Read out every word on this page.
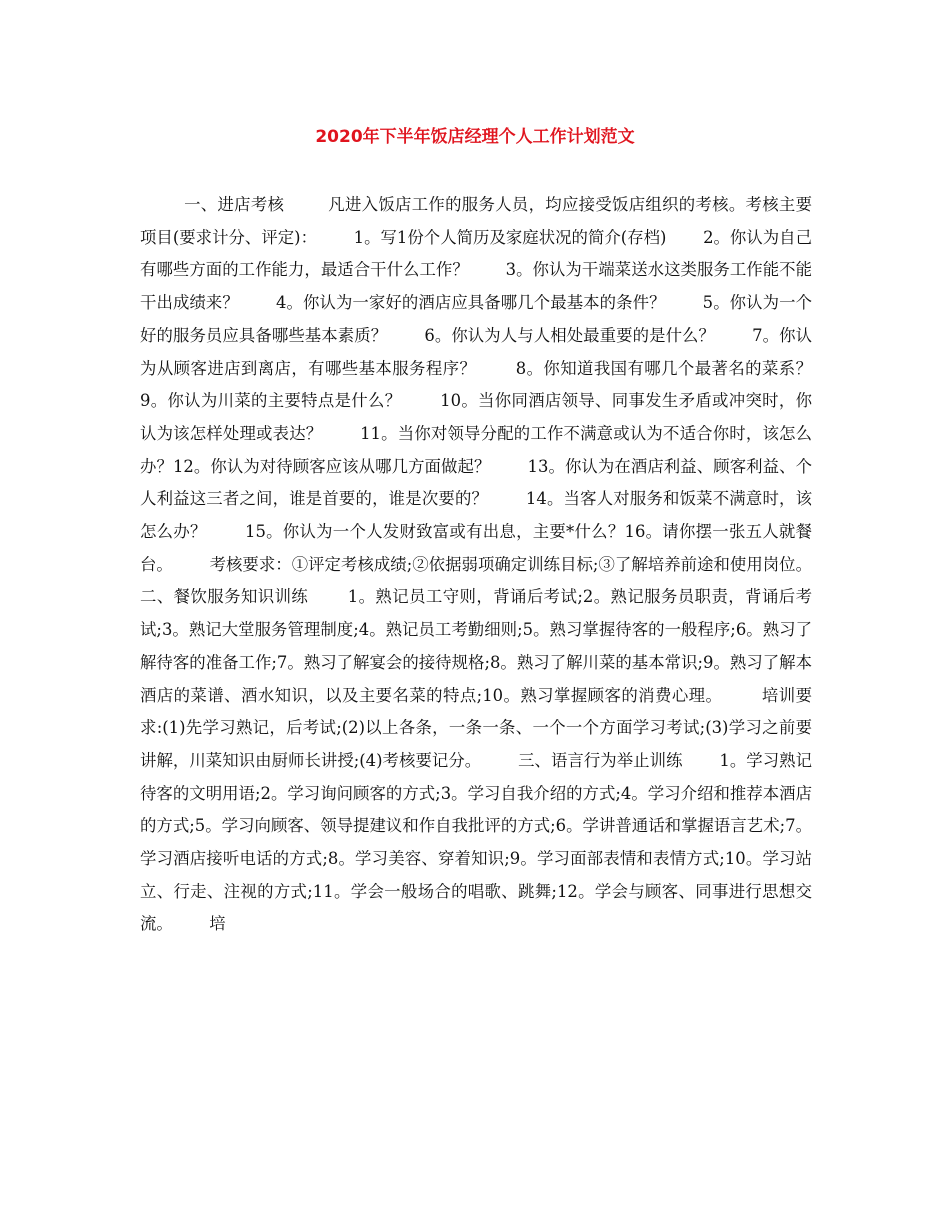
2020年下半年饭店经理个人工作计划范文

一、进店考核        凡进入饭店工作的服务人员，均应接受饭店组织的考核。考核主要项目(要求计分、评定)：       1。写1份个人简历及家庭状况的简介(存档)       2。你认为自己有哪些方面的工作能力，最适合干什么工作？       3。你认为干端菜送水这类服务工作能不能干出成绩来？       4。你认为一家好的酒店应具备哪几个最基本的条件？       5。你认为一个好的服务员应具备哪些基本素质？       6。你认为人与人相处最重要的是什么？       7。你认为从顾客进店到离店，有哪些基本服务程序？       8。你知道我国有哪几个最著名的菜系？       9。你认为川菜的主要特点是什么？       10。当你同酒店领导、同事发生矛盾或冲突时，你认为该怎样处理或表达？       11。当你对领导分配的工作不满意或认为不适合你时，该怎么办？12。你认为对待顾客应该从哪几方面做起？       13。你认为在酒店利益、顾客利益、个人利益这三者之间，谁是首要的，谁是次要的？       14。当客人对服务和饭菜不满意时，该怎么办？       15。你认为一个人发财致富或有出息，主要*什么？16。请你摆一张五人就餐台。       考核要求：①评定考核成绩;②依据弱项确定训练目标;③了解培养前途和使用岗位。       二、餐饮服务知识训练       1。熟记员工守则，背诵后考试;2。熟记服务员职责，背诵后考试;3。熟记大堂服务管理制度;4。熟记员工考勤细则;5。熟习掌握待客的一般程序;6。熟习了解待客的准备工作;7。熟习了解宴会的接待规格;8。熟习了解川菜的基本常识;9。熟习了解本酒店的菜谱、酒水知识，以及主要名菜的特点;10。熟习掌握顾客的消费心理。       培训要求:(1)先学习熟记，后考试;(2)以上各条，一条一条、一个一个方面学习考试;(3)学习之前要讲解，川菜知识由厨师长讲授;(4)考核要记分。       三、语言行为举止训练       1。学习熟记待客的文明用语;2。学习询问顾客的方式;3。学习自我介绍的方式;4。学习介绍和推荐本酒店的方式;5。学习向顾客、领导提建议和作自我批评的方式;6。学讲普通话和掌握语言艺术;7。学习酒店接听电话的方式;8。学习美容、穿着知识;9。学习面部表情和表情方式;10。学习站立、行走、注视的方式;11。学会一般场合的唱歌、跳舞;12。学会与顾客、同事进行思想交流。       培
